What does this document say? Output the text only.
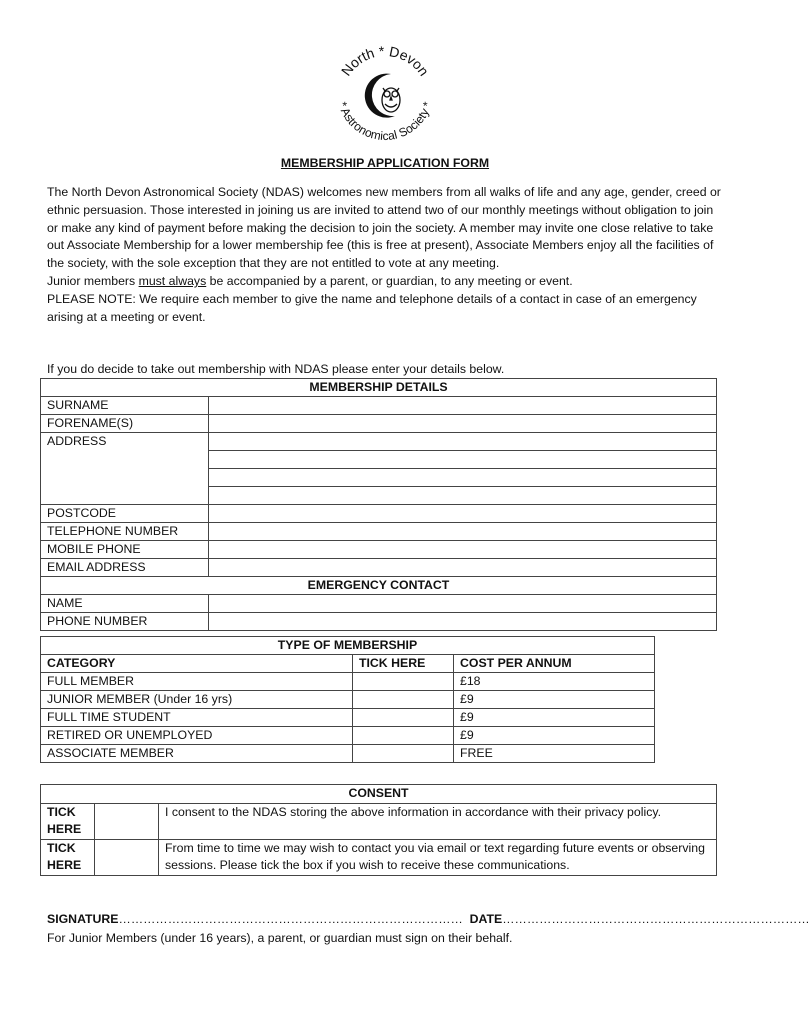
North * Devon
* Astronomical Society *
MEMBERSHIP APPLICATION FORM

The North Devon Astronomical Society (NDAS) welcomes new members from all walks of life and any age, gender, creed or ethnic persuasion. Those interested in joining us are invited to attend two of our monthly meetings without obligation to join or make any kind of payment before making the decision to join the society. A member may invite one close relative to take out Associate Membership for a lower membership fee (this is free at present), Associate Members enjoy all the facilities of the society, with the sole exception that they are not entitled to vote at any meeting.

Junior members must always be accompanied by a parent, or guardian, to any meeting or event.

PLEASE NOTE: We require each member to give the name and telephone details of a contact in case of an emergency arising at a meeting or event.

If you do decide to take out membership with NDAS please enter your details below.
MEMBERSHIP DETAILS	
SURNAME	
FORENAME(S)	
ADDRESS	

POSTCODE	
TELEPHONE NUMBER	
MOBILE PHONE	
EMAIL ADDRESS	
EMERGENCY CONTACT	
NAME	
PHONE NUMBER	
TYPE OF MEMBERSHIP		
CATEGORY	TICK HERE	COST PER ANNUM
FULL MEMBER		£18
JUNIOR MEMBER (Under 16 yrs)		£9
FULL TIME STUDENT		£9
RETIRED OR UNEMPLOYED		£9
ASSOCIATE MEMBER		FREE
CONSENT		
TICK
HERE		I consent to the NDAS storing the above information in accordance with their privacy policy.
TICK
HERE		From time to time we may wish to contact you via email or text regarding future events or observing sessions. Please tick the box if you wish to receive these communications.
SIGNATURE………………………………………………………………………… DATE…………………………………………………………………
For Junior Members (under 16 years), a parent, or guardian must sign on their behalf.
